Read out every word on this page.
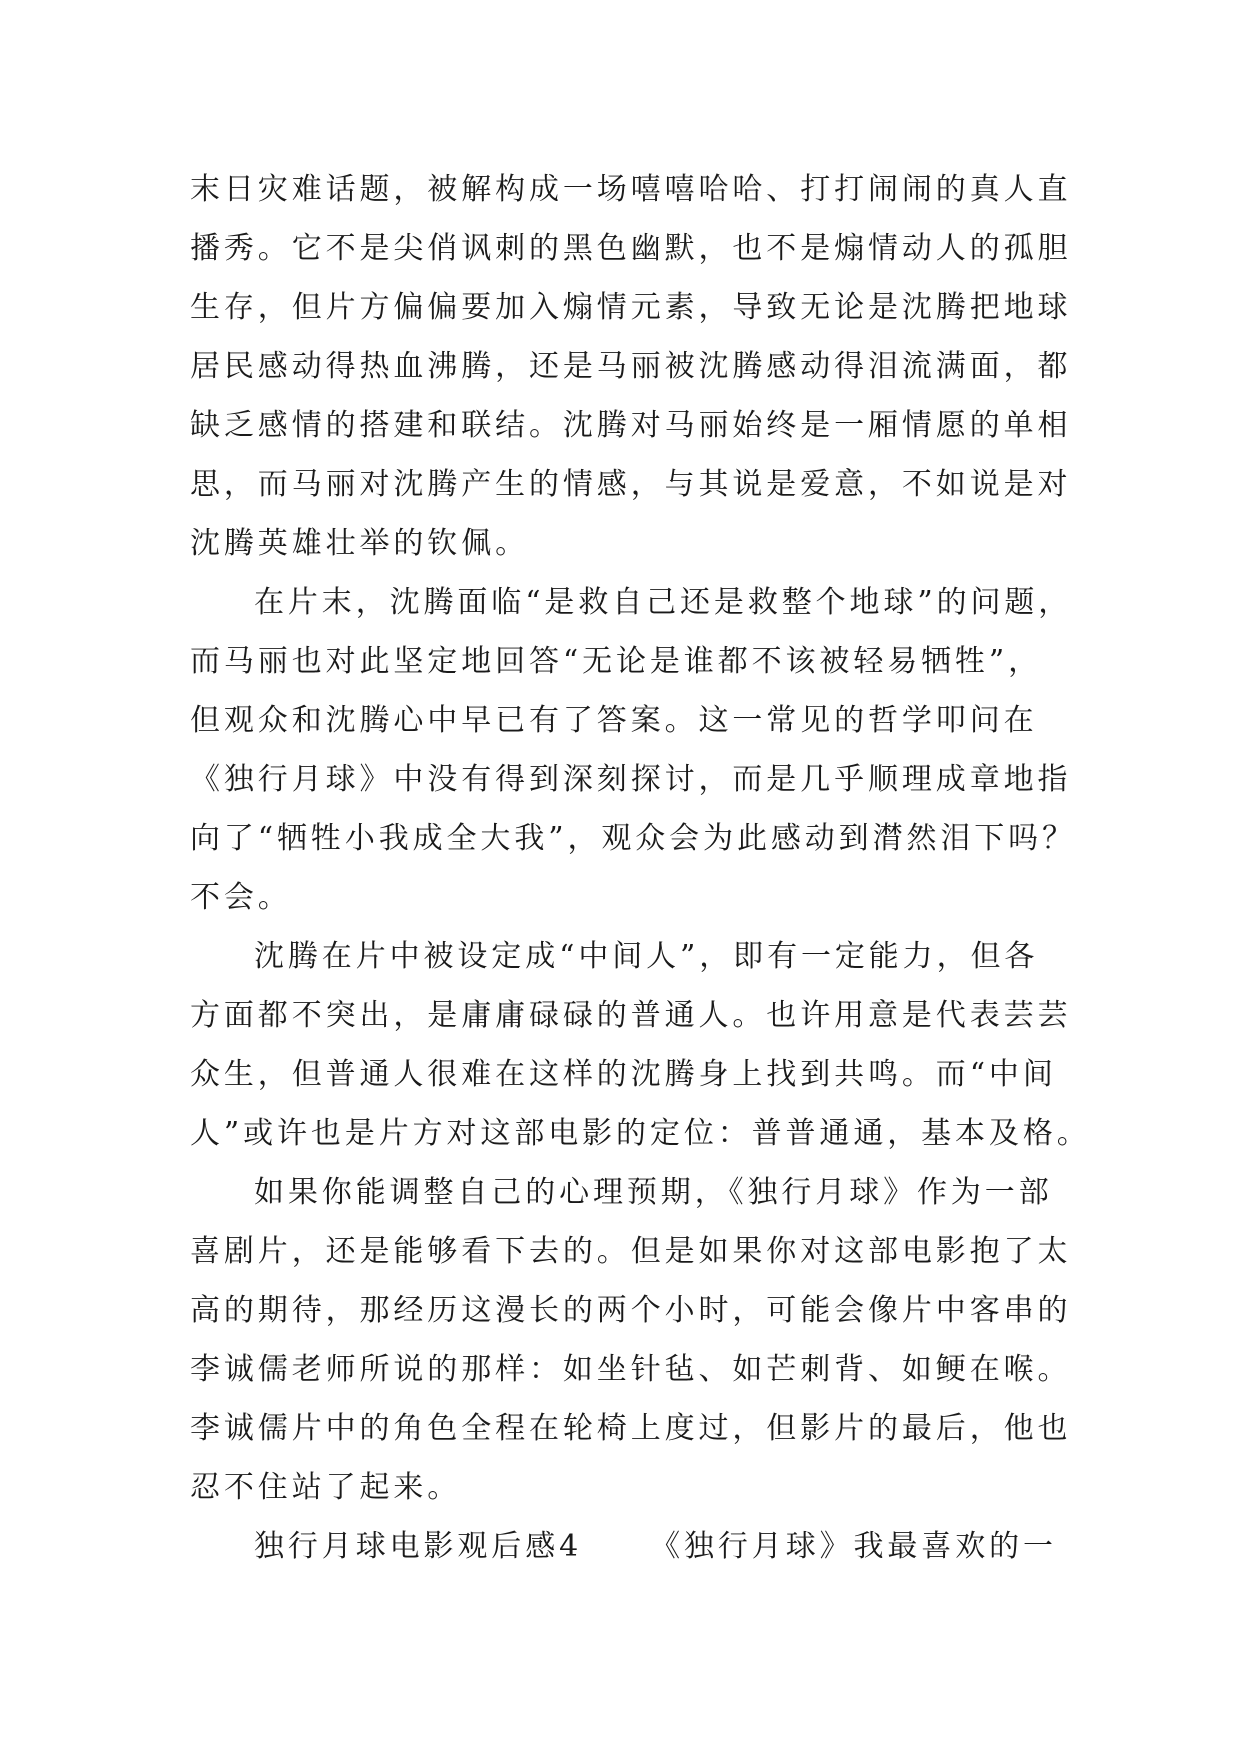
末日灾难话题，被解构成一场嘻嘻哈哈、打打闹闹的真人直
播秀。它不是尖俏讽刺的黑色幽默，也不是煽情动人的孤胆
生存，但片方偏偏要加入煽情元素，导致无论是沈腾把地球
居民感动得热血沸腾，还是马丽被沈腾感动得泪流满面，都
缺乏感情的搭建和联结。沈腾对马丽始终是一厢情愿的单相
思，而马丽对沈腾产生的情感，与其说是爱意，不如说是对
沈腾英雄壮举的钦佩。
在片末，沈腾面临“是救自己还是救整个地球”的问题，
而马丽也对此坚定地回答“无论是谁都不该被轻易牺牲”，
但观众和沈腾心中早已有了答案。这一常见的哲学叩问在
《独行月球》中没有得到深刻探讨，而是几乎顺理成章地指
向了“牺牲小我成全大我”，观众会为此感动到潸然泪下吗？
不会。
沈腾在片中被设定成“中间人”，即有一定能力，但各
方面都不突出，是庸庸碌碌的普通人。也许用意是代表芸芸
众生，但普通人很难在这样的沈腾身上找到共鸣。而“中间
人”或许也是片方对这部电影的定位：普普通通，基本及格。
如果你能调整自己的心理预期，《独行月球》作为一部
喜剧片，还是能够看下去的。但是如果你对这部电影抱了太
高的期待，那经历这漫长的两个小时，可能会像片中客串的
李诚儒老师所说的那样：如坐针毡、如芒刺背、如鲠在喉。
李诚儒片中的角色全程在轮椅上度过，但影片的最后，他也
忍不住站了起来。
独行月球电影观后感4 《独行月球》我最喜欢的一
